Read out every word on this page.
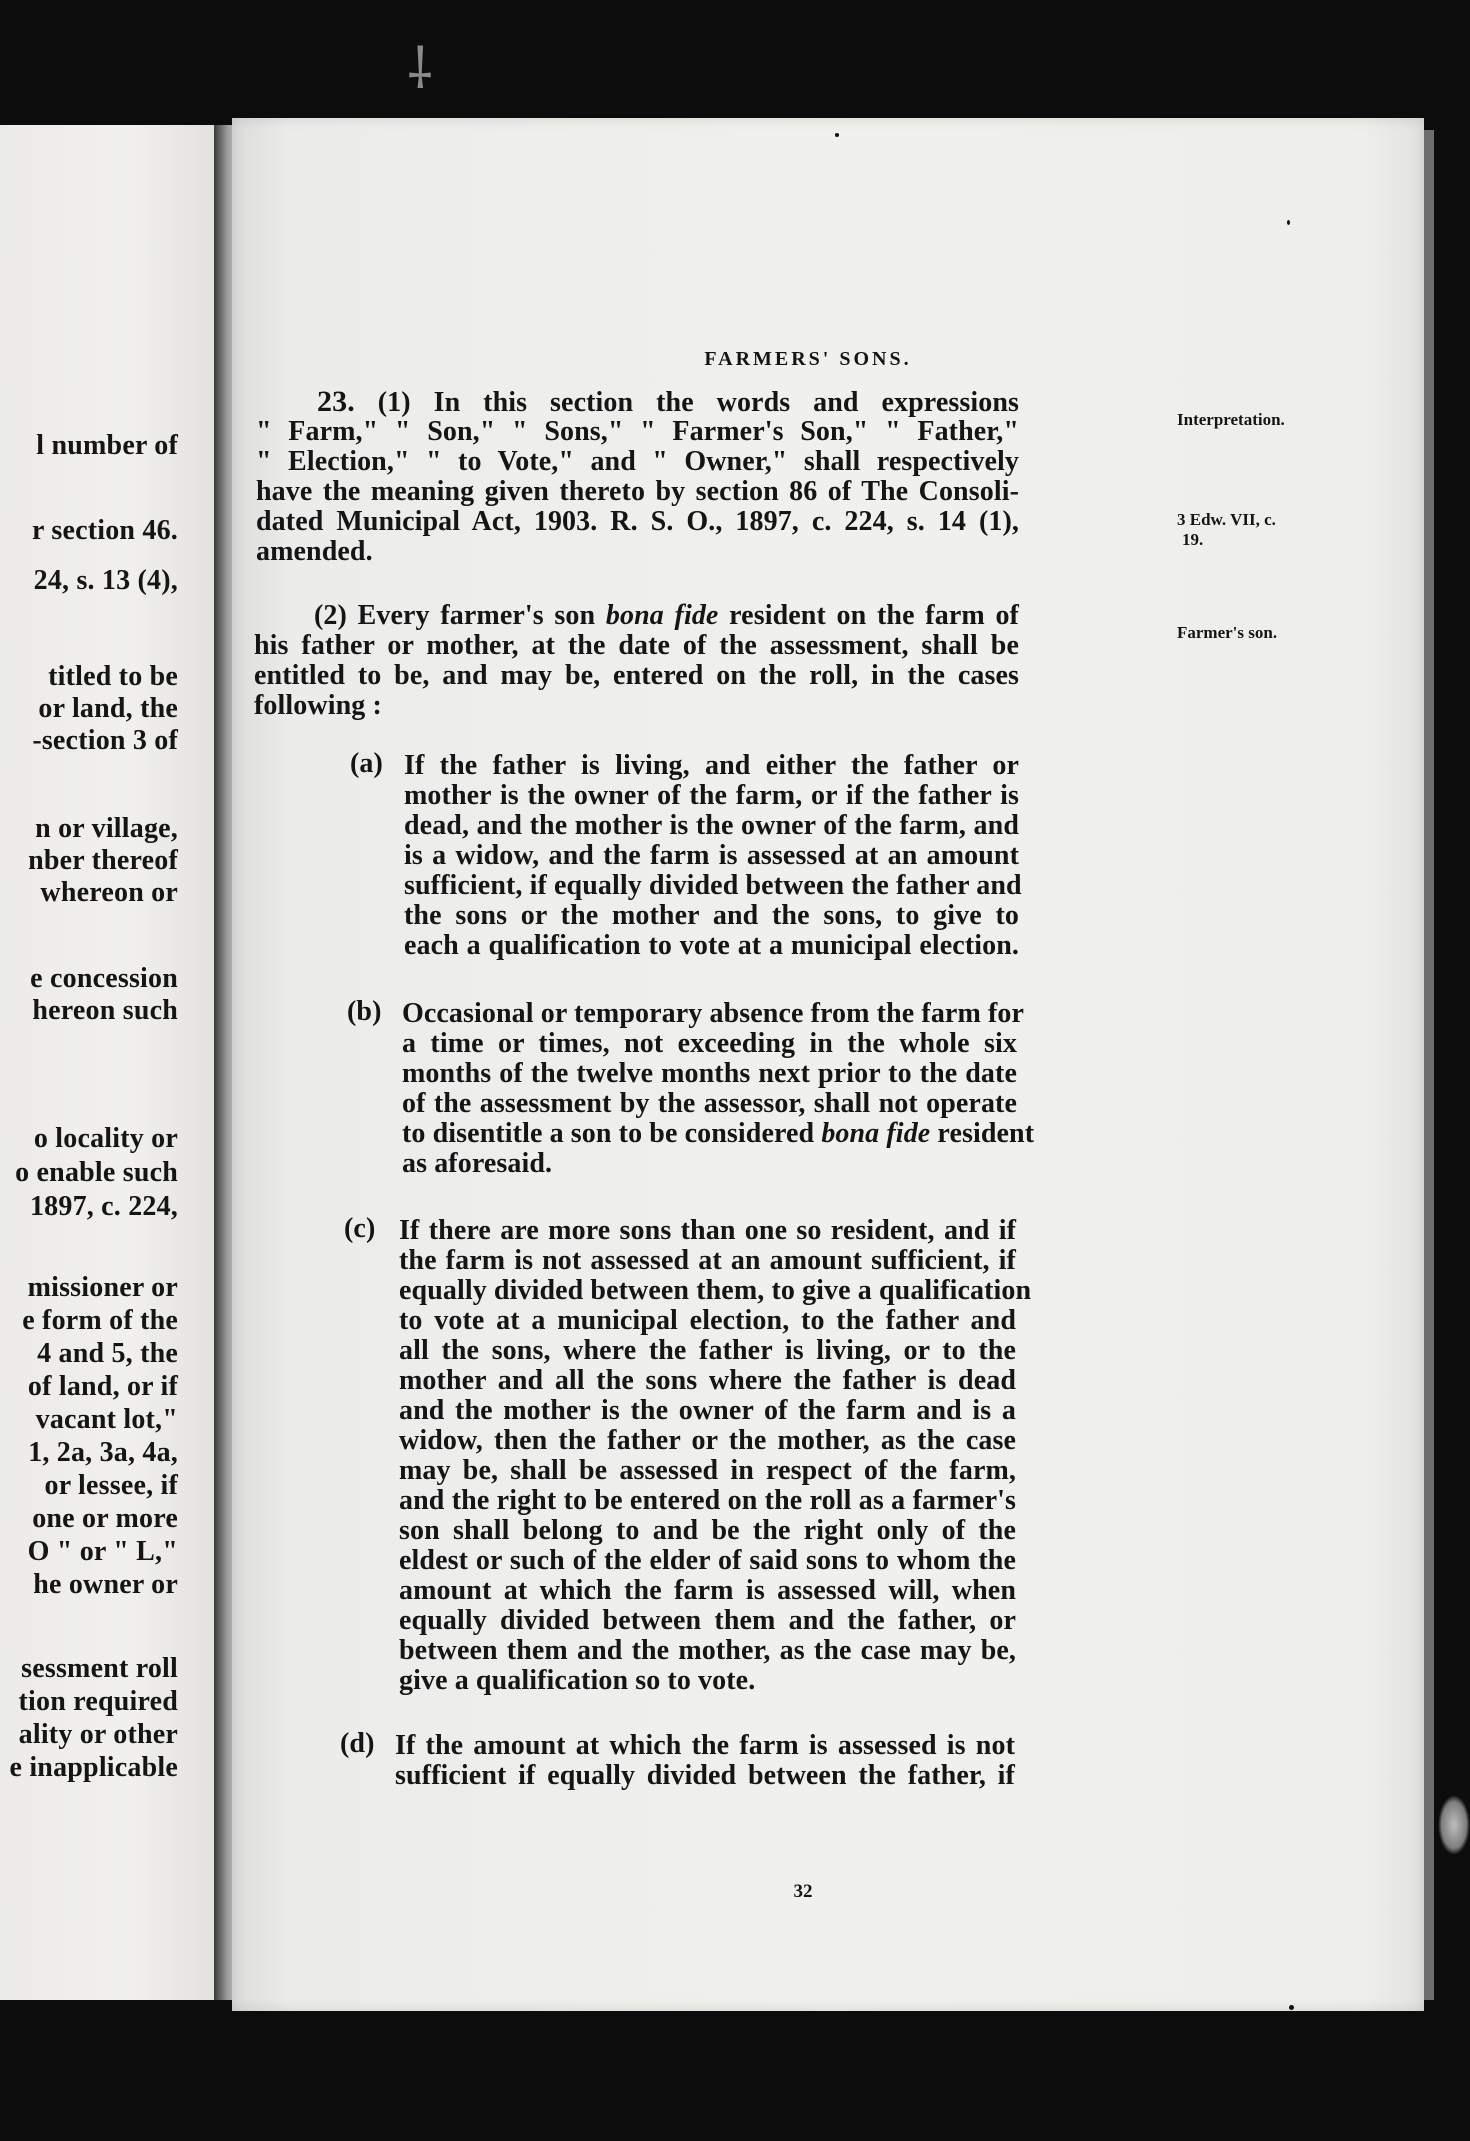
⸸
l number of
r section 46.
24, s. 13 (4),
titled to be
or land, the
-section 3 of
n or village,
nber thereof
whereon or
e concession
hereon such
o locality or
o enable such
1897, c. 224,
missioner or
e form of the
4 and 5, the
of land, or if
vacant lot,"
1, 2a, 3a, 4a,
or lessee, if
one or more
O " or " L,"
he owner or
sessment roll
tion required
ality or other
e inapplicable
FARMERS' SONS.
23. (1) In this section the words and expressions
" Farm," " Son," " Sons," " Farmer's Son," " Father,"
" Election," " to Vote," and " Owner," shall respectively
have the meaning given thereto by section 86 of The Consoli-
dated Municipal Act, 1903. R. S. O., 1897, c. 224, s. 14 (1),
amended.
(2) Every farmer's son bona fide resident on the farm of
his father or mother, at the date of the assessment, shall be
entitled to be, and may be, entered on the roll, in the cases
following :
(a) If the father is living, and either the father or
mother is the owner of the farm, or if the father is
dead, and the mother is the owner of the farm, and
is a widow, and the farm is assessed at an amount
sufficient, if equally divided between the father and
the sons or the mother and the sons, to give to
each a qualification to vote at a municipal election.
(b) Occasional or temporary absence from the farm for
a time or times, not exceeding in the whole six
months of the twelve months next prior to the date
of the assessment by the assessor, shall not operate
to disentitle a son to be considered bona fide resident
as aforesaid.
(c) If there are more sons than one so resident, and if
the farm is not assessed at an amount sufficient, if
equally divided between them, to give a qualification
to vote at a municipal election, to the father and
all the sons, where the father is living, or to the
mother and all the sons where the father is dead
and the mother is the owner of the farm and is a
widow, then the father or the mother, as the case
may be, shall be assessed in respect of the farm,
and the right to be entered on the roll as a farmer's
son shall belong to and be the right only of the
eldest or such of the elder of said sons to whom the
amount at which the farm is assessed will, when
equally divided between them and the father, or
between them and the mother, as the case may be,
give a qualification so to vote.
(d) If the amount at which the farm is assessed is not
sufficient if equally divided between the father, if
Interpretation.
3 Edw. VII, c.
19.
Farmer's son.
32
